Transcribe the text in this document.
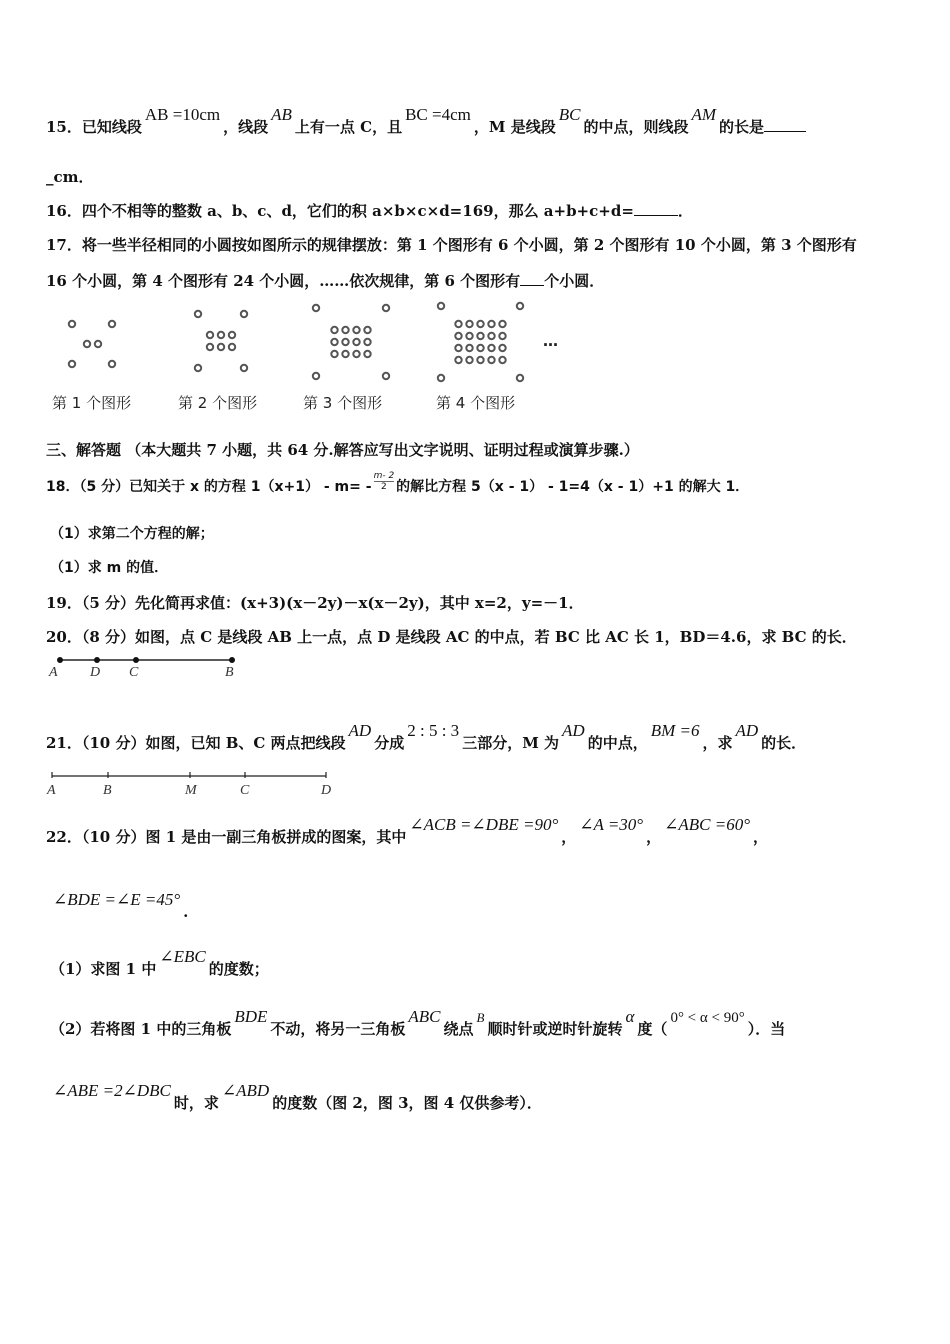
15．已知线段AB =10cm，线段AB上有一点 C，且BC =4cm，M 是线段BC的中点，则线段AM的长是
_cm．
16．四个不相等的整数 a、b、c、d，它们的积 a×b×c×d=169，那么 a+b+c+d=	．
17．将一些半径相同的小圆按如图所示的规律摆放：第 1 个图形有 6 个小圆，第 2 个图形有 10 个小圆，第 3 个图形有
16 个小圆，第 4 个图形有 24 个小圆，……依次规律，第 6 个图形有 个小圆．
第 1 个图形	第 2 个图形	第 3 个图形	第 4 个图形
…
三、解答题 （本大题共 7 小题，共 64 分.解答应写出文字说明、证明过程或演算步骤.）
18．（5 分）已知关于 x 的方程 $1(x+1) - m= - \frac{m- 2}{2}$ 的解比方程 5（x - 1） - 1=4（x - 1）+1 的解大 1．
（1）求第二个方程的解；
（1）求 m 的值．
19．（5 分）先化简再求值：(x+3)(x－2y)－x(x－2y)，其中 x=2，y=－1．
20．（8 分）如图，点 C 是线段 AB 上一点，点 D 是线段 AC 的中点，若 BC 比 AC 长 1，BD＝4.6，求 BC 的长．
A D C	B
21．（10 分）如图，已知 B、C 两点把线段AD分成2 : 5 : 3三部分，M 为AD的中点，BM =6，求AD的长．
A	B	M	C	D
22．（10 分）图 1 是由一副三角板拼成的图案，其中∠ACB =∠DBE =90°，∠A =30°，∠ABC =60°，
∠BDE =∠E =45°.
（1）求图 1 中∠EBC的度数；
（2）若将图 1 中的三角板BDE不动，将另一三角板ABC绕点B顺时针或逆时针旋转α度（0° < α < 90°）．当
∠ABE =2∠DBC时，求∠ABD的度数（图 2，图 3，图 4 仅供参考）．
